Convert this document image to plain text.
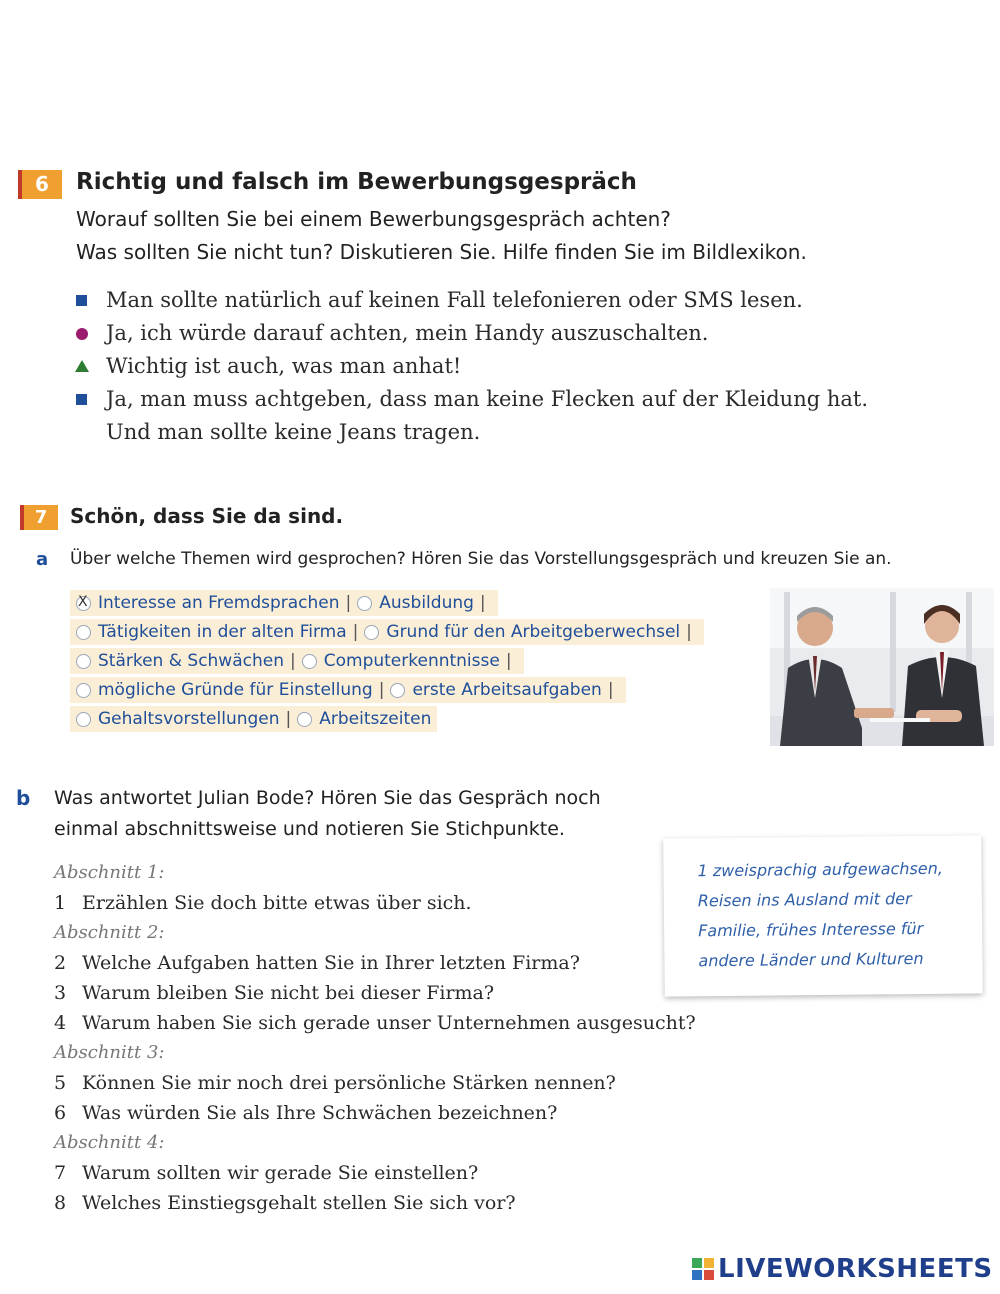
6	Richtig und falsch im Bewerbungsgespräch
Worauf sollten Sie bei einem Bewerbungsgespräch achten?
Was sollten Sie nicht tun? Diskutieren Sie. Hilfe finden Sie im Bildlexikon.
Man sollte natürlich auf keinen Fall telefonieren oder SMS lesen.
Ja, ich würde darauf achten, mein Handy auszuschalten.
Wichtig ist auch, was man anhat!
Ja, man muss achtgeben, dass man keine Flecken auf der Kleidung hat.
Und man sollte keine Jeans tragen.
7	Schön, dass Sie da sind.
a Über welche Themen wird gesprochen? Hören Sie das Vorstellungsgespräch und kreuzen Sie an.
X
Interesse an Fremdsprachen | Ausbildung |
Tätigkeiten in der alten Firma | Grund für den Arbeitgeberwechsel |
Stärken & Schwächen | Computerkenntnisse |
mögliche Gründe für Einstellung | erste Arbeitsaufgaben |
Gehaltsvorstellungen | Arbeitszeiten
b Was antwortet Julian Bode? Hören Sie das Gespräch noch
einmal abschnittsweise und notieren Sie Stichpunkte.
Abschnitt 1:
1 Erzählen Sie doch bitte etwas über sich.
Abschnitt 2:
2 Welche Aufgaben hatten Sie in Ihrer letzten Firma?
3 Warum bleiben Sie nicht bei dieser Firma?
4 Warum haben Sie sich gerade unser Unternehmen ausgesucht?
Abschnitt 3:
5 Können Sie mir noch drei persönliche Stärken nennen?
6 Was würden Sie als Ihre Schwächen bezeichnen?
Abschnitt 4:
7 Warum sollten wir gerade Sie einstellen?
8 Welches Einstiegsgehalt stellen Sie sich vor?
1 zweisprachig aufgewachsen,
Reisen ins Ausland mit der
Familie, frühes Interesse für
andere Länder und Kulturen
LIVEWORKSHEETS
